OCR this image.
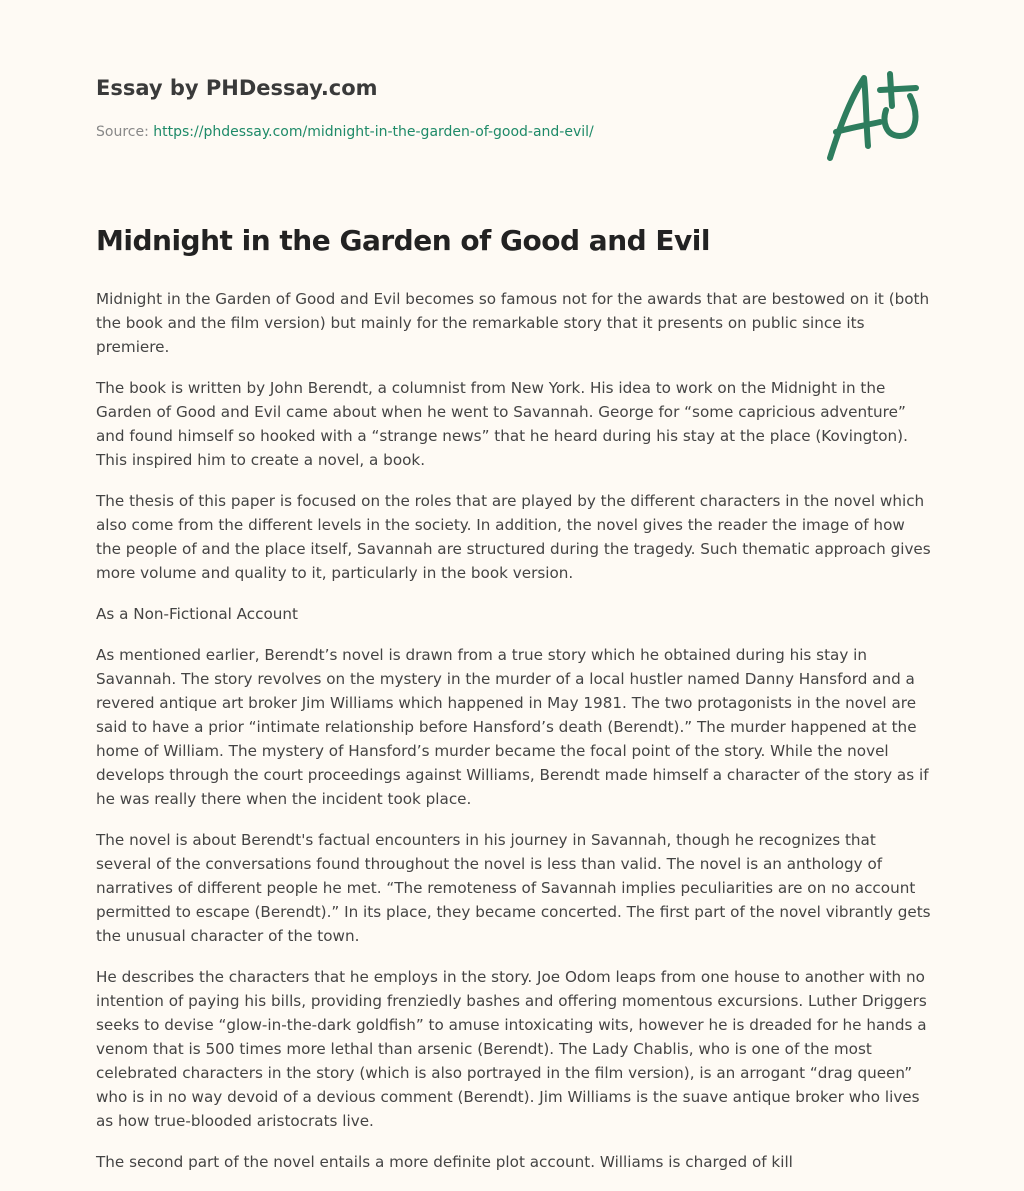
Essay by PHDessay.com

Source: https://phdessay.com/midnight-in-the-garden-of-good-and-evil/
Midnight in the Garden of Good and Evil

Midnight in the Garden of Good and Evil becomes so famous not for the awards that are bestowed on it (both the book and the film version) but mainly for the remarkable story that it presents on public since its premiere.

The book is written by John Berendt, a columnist from New York. His idea to work on the Midnight in the Garden of Good and Evil came about when he went to Savannah. George for “some capricious adventure” and found himself so hooked with a “strange news” that he heard during his stay at the place (Kovington). This inspired him to create a novel, a book.

The thesis of this paper is focused on the roles that are played by the different characters in the novel which also come from the different levels in the society. In addition, the novel gives the reader the image of how the people of and the place itself, Savannah are structured during the tragedy. Such thematic approach gives more volume and quality to it, particularly in the book version.

As a Non-Fictional Account

As mentioned earlier, Berendt’s novel is drawn from a true story which he obtained during his stay in Savannah. The story revolves on the mystery in the murder of a local hustler named Danny Hansford and a revered antique art broker Jim Williams which happened in May 1981. The two protagonists in the novel are said to have a prior “intimate relationship before Hansford’s death (Berendt).” The murder happened at the home of William. The mystery of Hansford’s murder became the focal point of the story. While the novel develops through the court proceedings against Williams, Berendt made himself a character of the story as if he was really there when the incident took place.

The novel is about Berendt's factual encounters in his journey in Savannah, though he recognizes that several of the conversations found throughout the novel is less than valid. The novel is an anthology of narratives of different people he met. “The remoteness of Savannah implies peculiarities are on no account permitted to escape (Berendt).” In its place, they became concerted. The first part of the novel vibrantly gets the unusual character of the town.

He describes the characters that he employs in the story. Joe Odom leaps from one house to another with no intention of paying his bills, providing frenziedly bashes and offering momentous excursions. Luther Driggers seeks to devise “glow-in-the-dark goldfish” to amuse intoxicating wits, however he is dreaded for he hands a venom that is 500 times more lethal than arsenic (Berendt). The Lady Chablis, who is one of the most celebrated characters in the story (which is also portrayed in the film version), is an arrogant “drag queen” who is in no way devoid of a devious comment (Berendt). Jim Williams is the suave antique broker who lives as how true-blooded aristocrats live.

The second part of the novel entails a more definite plot account. Williams is charged of kill
